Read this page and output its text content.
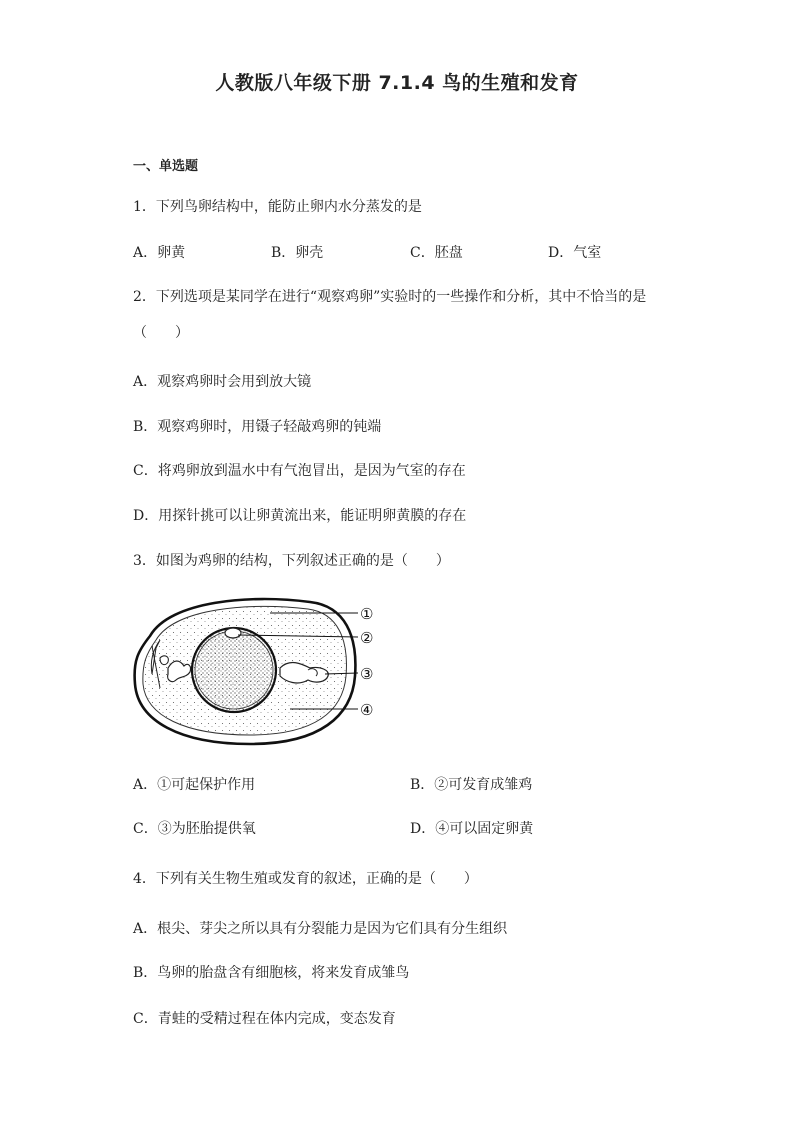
人教版八年级下册 7.1.4 鸟的生殖和发育
一、单选题
1．下列鸟卵结构中，能防止卵内水分蒸发的是
A．卵黄	B．卵壳	C．胚盘	D．气室
2．下列选项是某同学在进行“观察鸡卵”实验时的一些操作和分析，其中不恰当的是
（　　）
A．观察鸡卵时会用到放大镜
B．观察鸡卵时，用镊子轻敲鸡卵的钝端
C．将鸡卵放到温水中有气泡冒出，是因为气室的存在
D．用探针挑可以让卵黄流出来，能证明卵黄膜的存在
3．如图为鸡卵的结构，下列叙述正确的是（　　）
①
②
③
④
A．①可起保护作用	B．②可发育成雏鸡
C．③为胚胎提供氧	D．④可以固定卵黄
4．下列有关生物生殖或发育的叙述，正确的是（　　）
A．根尖、芽尖之所以具有分裂能力是因为它们具有分生组织
B．鸟卵的胎盘含有细胞核，将来发育成雏鸟
C．青蛙的受精过程在体内完成，变态发育
